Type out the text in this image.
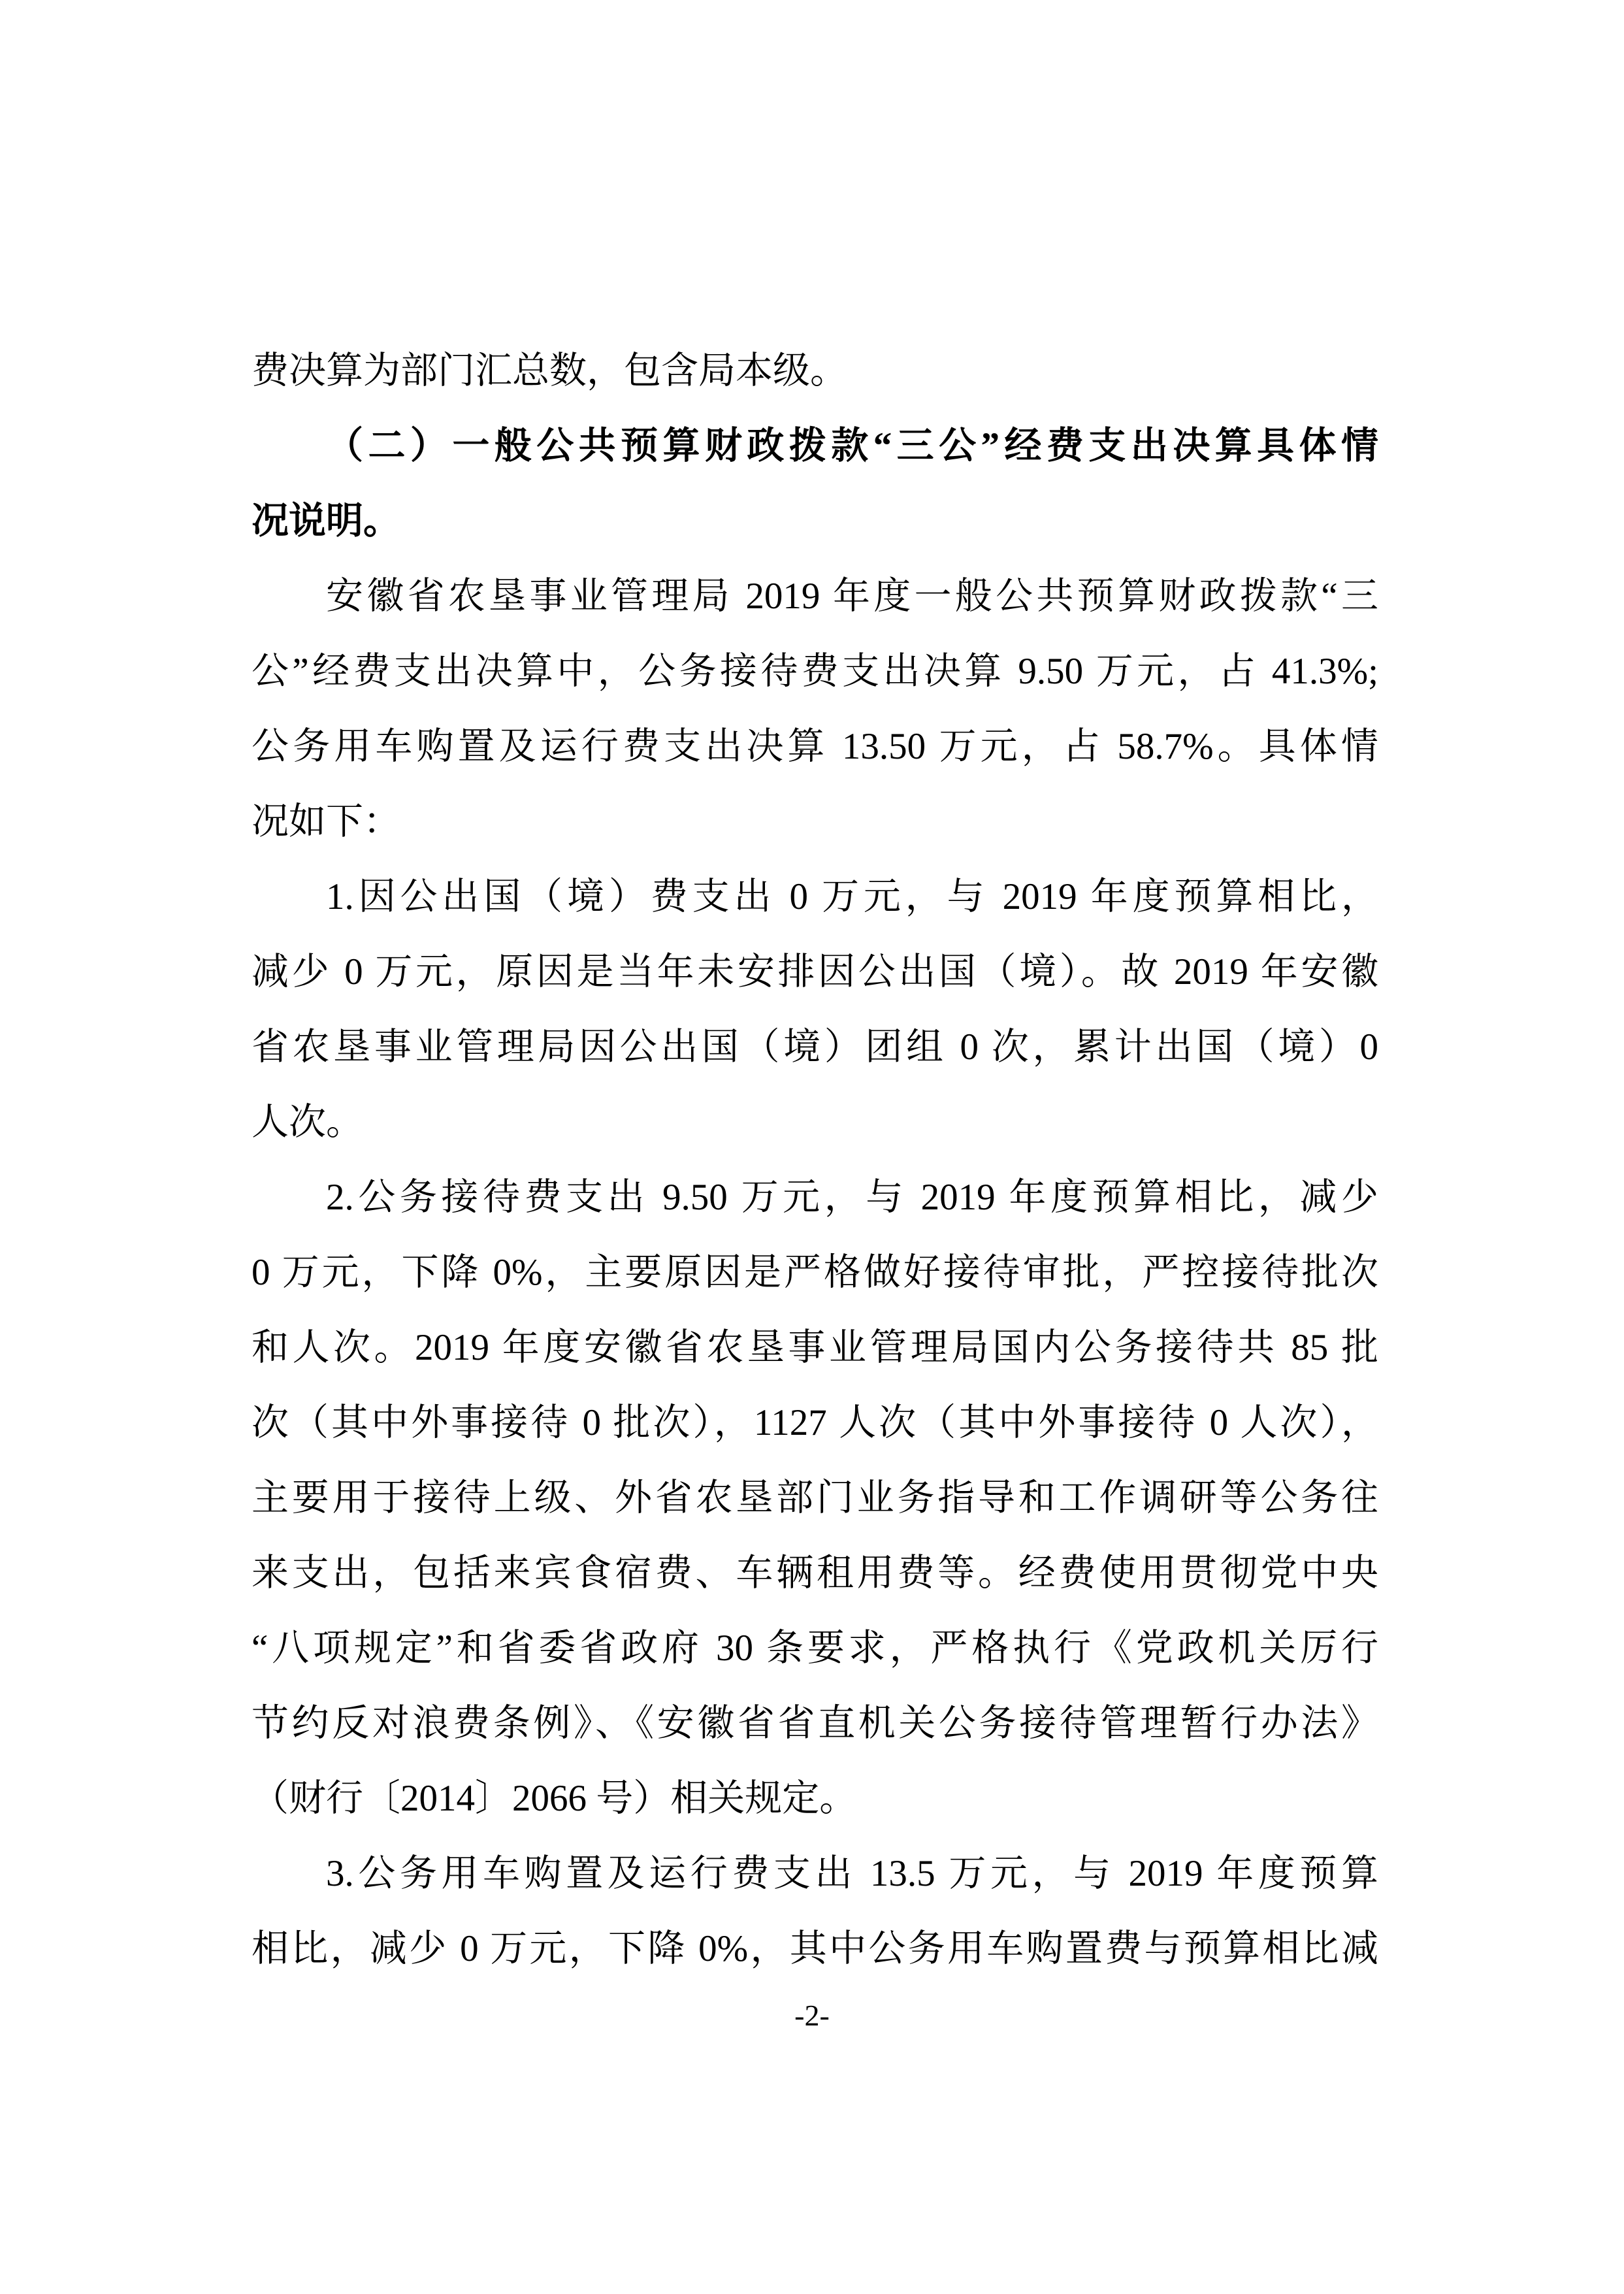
费决算为部门汇总数，包含局本级。
（二）一般公共预算财政拨款“三公”经费支出决算具体情
况说明。
安徽省农垦事业管理局 2019 年度一般公共预算财政拨款“三
公”经费支出决算中，公务接待费支出决算 9.50 万元，占 41.3%;
公务用车购置及运行费支出决算 13.50 万元，占 58.7%。具体情
况如下：
1.因公出国（境）费支出 0 万元，与 2019 年度预算相比，
减少 0 万元，原因是当年未安排因公出国（境）。故 2019 年安徽
省农垦事业管理局因公出国（境）团组 0 次，累计出国（境）0
人次。
2.公务接待费支出 9.50 万元，与 2019 年度预算相比，减少
0 万元，下降 0%，主要原因是严格做好接待审批，严控接待批次
和人次。2019 年度安徽省农垦事业管理局国内公务接待共 85 批
次（其中外事接待 0 批次），1127 人次（其中外事接待 0 人次），
主要用于接待上级、外省农垦部门业务指导和工作调研等公务往
来支出，包括来宾食宿费、车辆租用费等。经费使用贯彻党中央
“八项规定”和省委省政府 30 条要求，严格执行《党政机关厉行
节约反对浪费条例》、《安徽省省直机关公务接待管理暂行办法》
（财行〔2014〕2066 号）相关规定。
3.公务用车购置及运行费支出 13.5 万元，与 2019 年度预算
相比，减少 0 万元，下降 0%，其中公务用车购置费与预算相比减
-2-
